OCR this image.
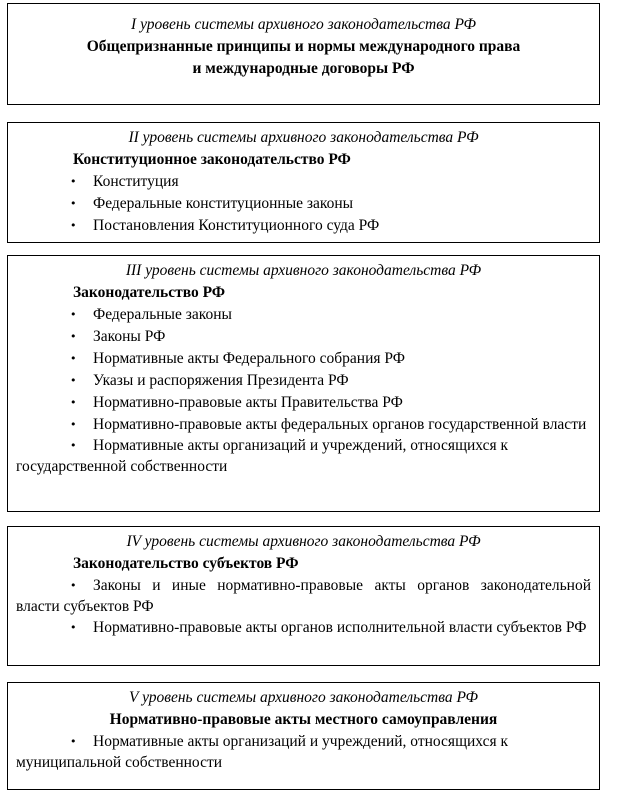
I уровень системы архивного законодательства РФ
Общепризнанные принципы и нормы международного права
и международные договоры РФ
II уровень системы архивного законодательства РФ
Конституционное законодательство РФ
• Конституция
• Федеральные конституционные законы
• Постановления Конституционного суда РФ
III уровень системы архивного законодательства РФ
Законодательство РФ
• Федеральные законы
• Законы РФ
• Нормативные акты Федерального собрания РФ
• Указы и распоряжения Президента РФ
• Нормативно-правовые акты Правительства РФ
• Нормативно-правовые акты федеральных органов государственной власти
• Нормативные акты организаций и учреждений, относящихся к государственной собственности
IV уровень системы архивного законодательства РФ
Законодательство субъектов РФ
• Законы и иные нормативно-правовые акты органов законодательной власти субъектов РФ
• Нормативно-правовые акты органов исполнительной власти субъектов РФ
V уровень системы архивного законодательства РФ
Нормативно-правовые акты местного самоуправления
• Нормативные акты организаций и учреждений, относящихся к муниципальной собственности
